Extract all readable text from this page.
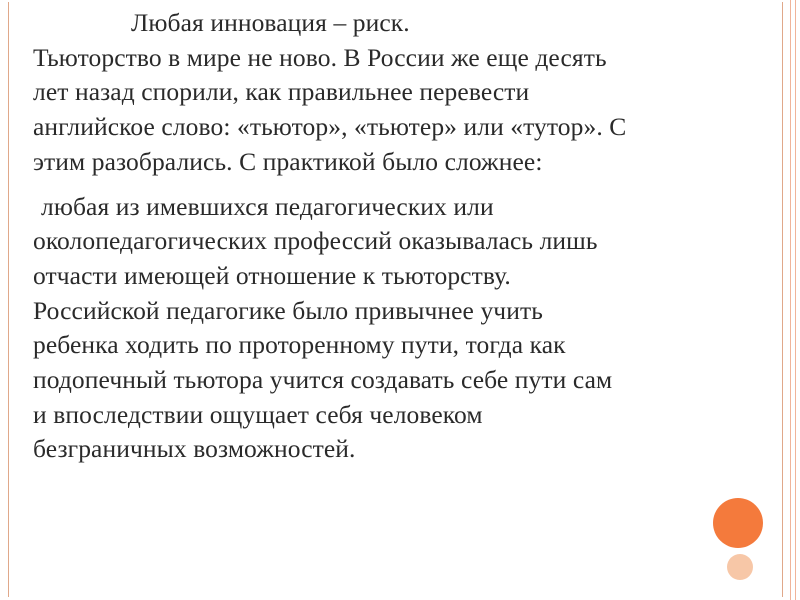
Любая инновация – риск.
Тьюторство в мире не ново. В России же еще десять
лет назад спорили, как правильнее перевести
английское слово: «тьютор», «тьютер» или «тутор». С
этим разобрались. С практикой было сложнее:

любая из имевшихся педагогических или
околопедагогических профессий оказывалась лишь
отчасти имеющей отношение к тьюторству.
Российской педагогике было привычнее учить
ребенка ходить по проторенному пути, тогда как
подопечный тьютора учится создавать себе пути сам
и впоследствии ощущает себя человеком
безграничных возможностей.
